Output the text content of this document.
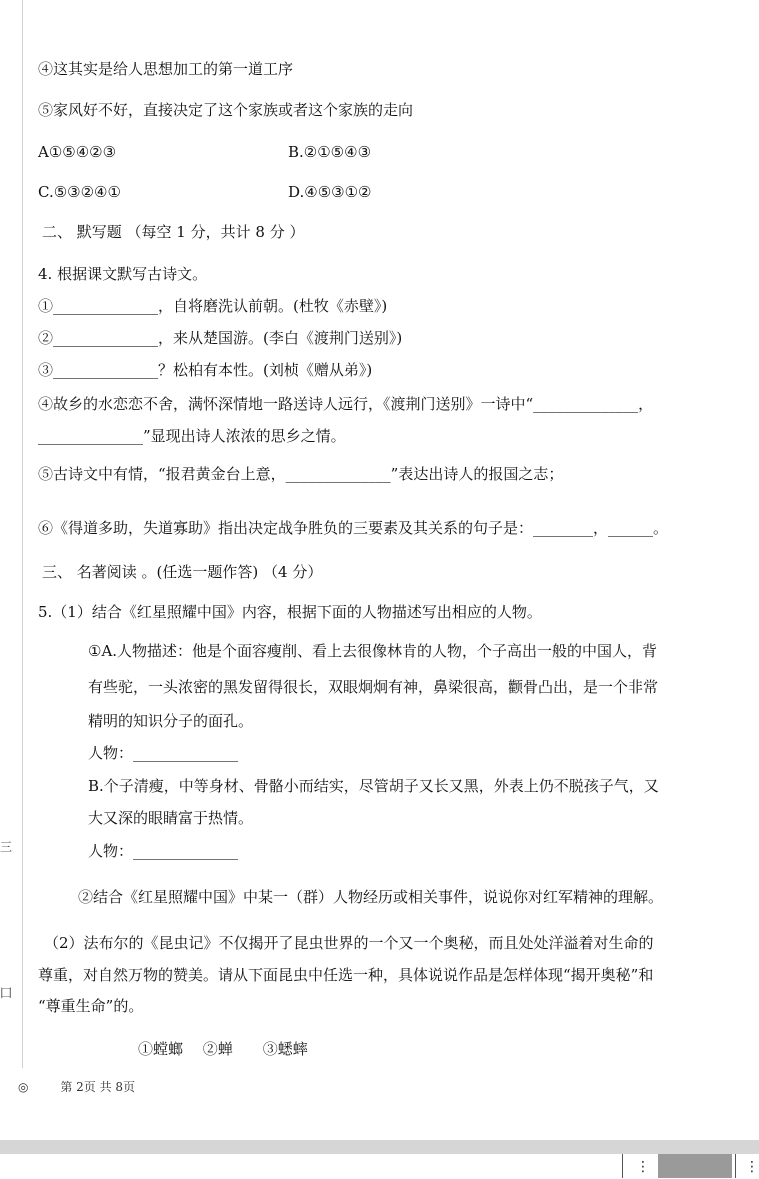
三
囗
④这其实是给人思想加工的第一道工序
⑤家风好不好，直接决定了这个家族或者这个家族的走向
A①⑤④②③	B.②①⑤④③
C.⑤③②④①	D.④⑤③①②
二、 默写题 （每空 1 分，共计 8 分 ）
4. 根据课文默写古诗文。
①______________，自将磨洗认前朝。(杜牧《赤壁》)
②______________，来从楚国游。(李白《渡荆门送别》)
③______________？松柏有本性。(刘桢《赠从弟》)
④故乡的水恋恋不舍，满怀深情地一路送诗人远行，《渡荆门送别》一诗中“______________，
______________”显现出诗人浓浓的思乡之情。
⑤古诗文中有情，“报君黄金台上意，______________”表达出诗人的报国之志；
⑥《得道多助，失道寡助》指出决定战争胜负的三要素及其关系的句子是：________，______。
三、 名著阅读 。(任选一题作答) （4 分）
5.（1）结合《红星照耀中国》内容，根据下面的人物描述写出相应的人物。
①A.人物描述：他是个面容瘦削、看上去很像林肯的人物，个子高出一般的中国人，背
有些驼，一头浓密的黑发留得很长，双眼炯炯有神，鼻梁很高，颧骨凸出，是一个非常
精明的知识分子的面孔。
人物：______________
B.个子清瘦，中等身材、骨骼小而结实，尽管胡子又长又黑，外表上仍不脱孩子气，又
大又深的眼睛富于热情。
人物：______________
②结合《红星照耀中国》中某一（群）人物经历或相关事件，说说你对红军精神的理解。
（2）法布尔的《昆虫记》不仅揭开了昆虫世界的一个又一个奥秘，而且处处洋溢着对生命的
尊重，对自然万物的赞美。请从下面昆虫中任选一种，具体说说作品是怎样体现“揭开奥秘”和
“尊重生命”的。
①螳螂　 ②蝉　　③蟋蟀
◎	第 2页 共 8页
⋮	⋮
